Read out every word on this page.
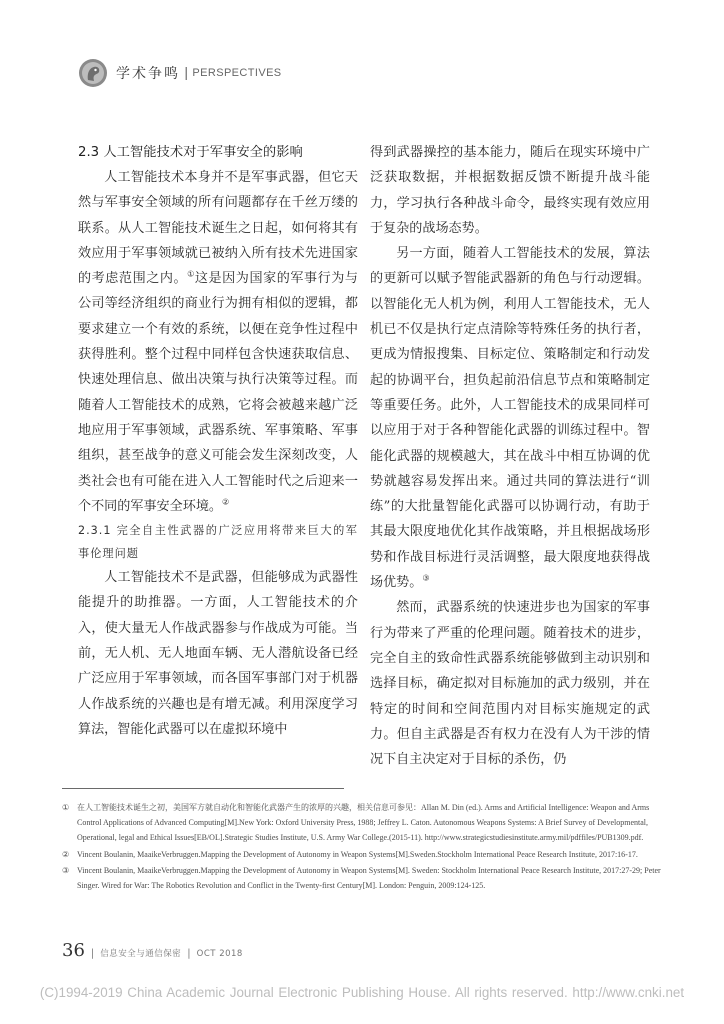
学术争鸣 | PERSPECTIVES
2.3 人工智能技术对于军事安全的影响

人工智能技术本身并不是军事武器，但它天然与军事安全领域的所有问题都存在千丝万缕的联系。从人工智能技术诞生之日起，如何将其有效应用于军事领域就已被纳入所有技术先进国家的考虑范围之内。①这是因为国家的军事行为与公司等经济组织的商业行为拥有相似的逻辑，都要求建立一个有效的系统，以便在竞争性过程中获得胜利。整个过程中同样包含快速获取信息、快速处理信息、做出决策与执行决策等过程。而随着人工智能技术的成熟，它将会被越来越广泛地应用于军事领域，武器系统、军事策略、军事组织，甚至战争的意义可能会发生深刻改变，人类社会也有可能在进入人工智能时代之后迎来一个不同的军事安全环境。②

2.3.1 完全自主性武器的广泛应用将带来巨大的军事伦理问题

人工智能技术不是武器，但能够成为武器性能提升的助推器。一方面，人工智能技术的介入，使大量无人作战武器参与作战成为可能。当前，无人机、无人地面车辆、无人潜航设备已经广泛应用于军事领域，而各国军事部门对于机器人作战系统的兴趣也是有增无减。利用深度学习算法，智能化武器可以在虚拟环境中

得到武器操控的基本能力，随后在现实环境中广泛获取数据，并根据数据反馈不断提升战斗能力，学习执行各种战斗命令，最终实现有效应用于复杂的战场态势。

另一方面，随着人工智能技术的发展，算法的更新可以赋予智能武器新的角色与行动逻辑。以智能化无人机为例，利用人工智能技术，无人机已不仅是执行定点清除等特殊任务的执行者，更成为情报搜集、目标定位、策略制定和行动发起的协调平台，担负起前沿信息节点和策略制定等重要任务。此外，人工智能技术的成果同样可以应用于对于各种智能化武器的训练过程中。智能化武器的规模越大，其在战斗中相互协调的优势就越容易发挥出来。通过共同的算法进行“训练”的大批量智能化武器可以协调行动，有助于其最大限度地优化其作战策略，并且根据战场形势和作战目标进行灵活调整，最大限度地获得战场优势。③

然而，武器系统的快速进步也为国家的军事行为带来了严重的伦理问题。随着技术的进步，完全自主的致命性武器系统能够做到主动识别和选择目标，确定拟对目标施加的武力级别，并在特定的时间和空间范围内对目标实施规定的武力。但自主武器是否有权力在没有人为干涉的情况下自主决定对于目标的杀伤，仍

① 在人工智能技术诞生之初，美国军方就自动化和智能化武器产生的浓厚的兴趣，相关信息可参见：Allan M. Din (ed.). Arms and Artificial Intelligence: Weapon and Arms Control Applications of Advanced Computing[M].New York: Oxford University Press, 1988; Jeffrey L. Caton. Autonomous Weapons Systems: A Brief Survey of Developmental, Operational, legal and Ethical Issues[EB/OL].Strategic Studies Institute, U.S. Army War College.(2015-11). http://www.strategicstudiesinstitute.army.mil/pdffiles/PUB1309.pdf.
② Vincent Boulanin, MaaikeVerbruggen.Mapping the Development of Autonomy in Weapon Systems[M].Sweden.Stockholm International Peace Research Institute, 2017:16-17.
③ Vincent Boulanin, MaaikeVerbruggen.Mapping the Development of Autonomy in Weapon Systems[M]. Sweden: Stockholm International Peace Research Institute, 2017:27-29; Peter Singer. Wired for War: The Robotics Revolution and Conflict in the Twenty-first Century[M]. London: Penguin, 2009:124-125.
36 | 信息安全与通信保密 | OCT 2018
(C)1994-2019 China Academic Journal Electronic Publishing House. All rights reserved. http://www.cnki.net
